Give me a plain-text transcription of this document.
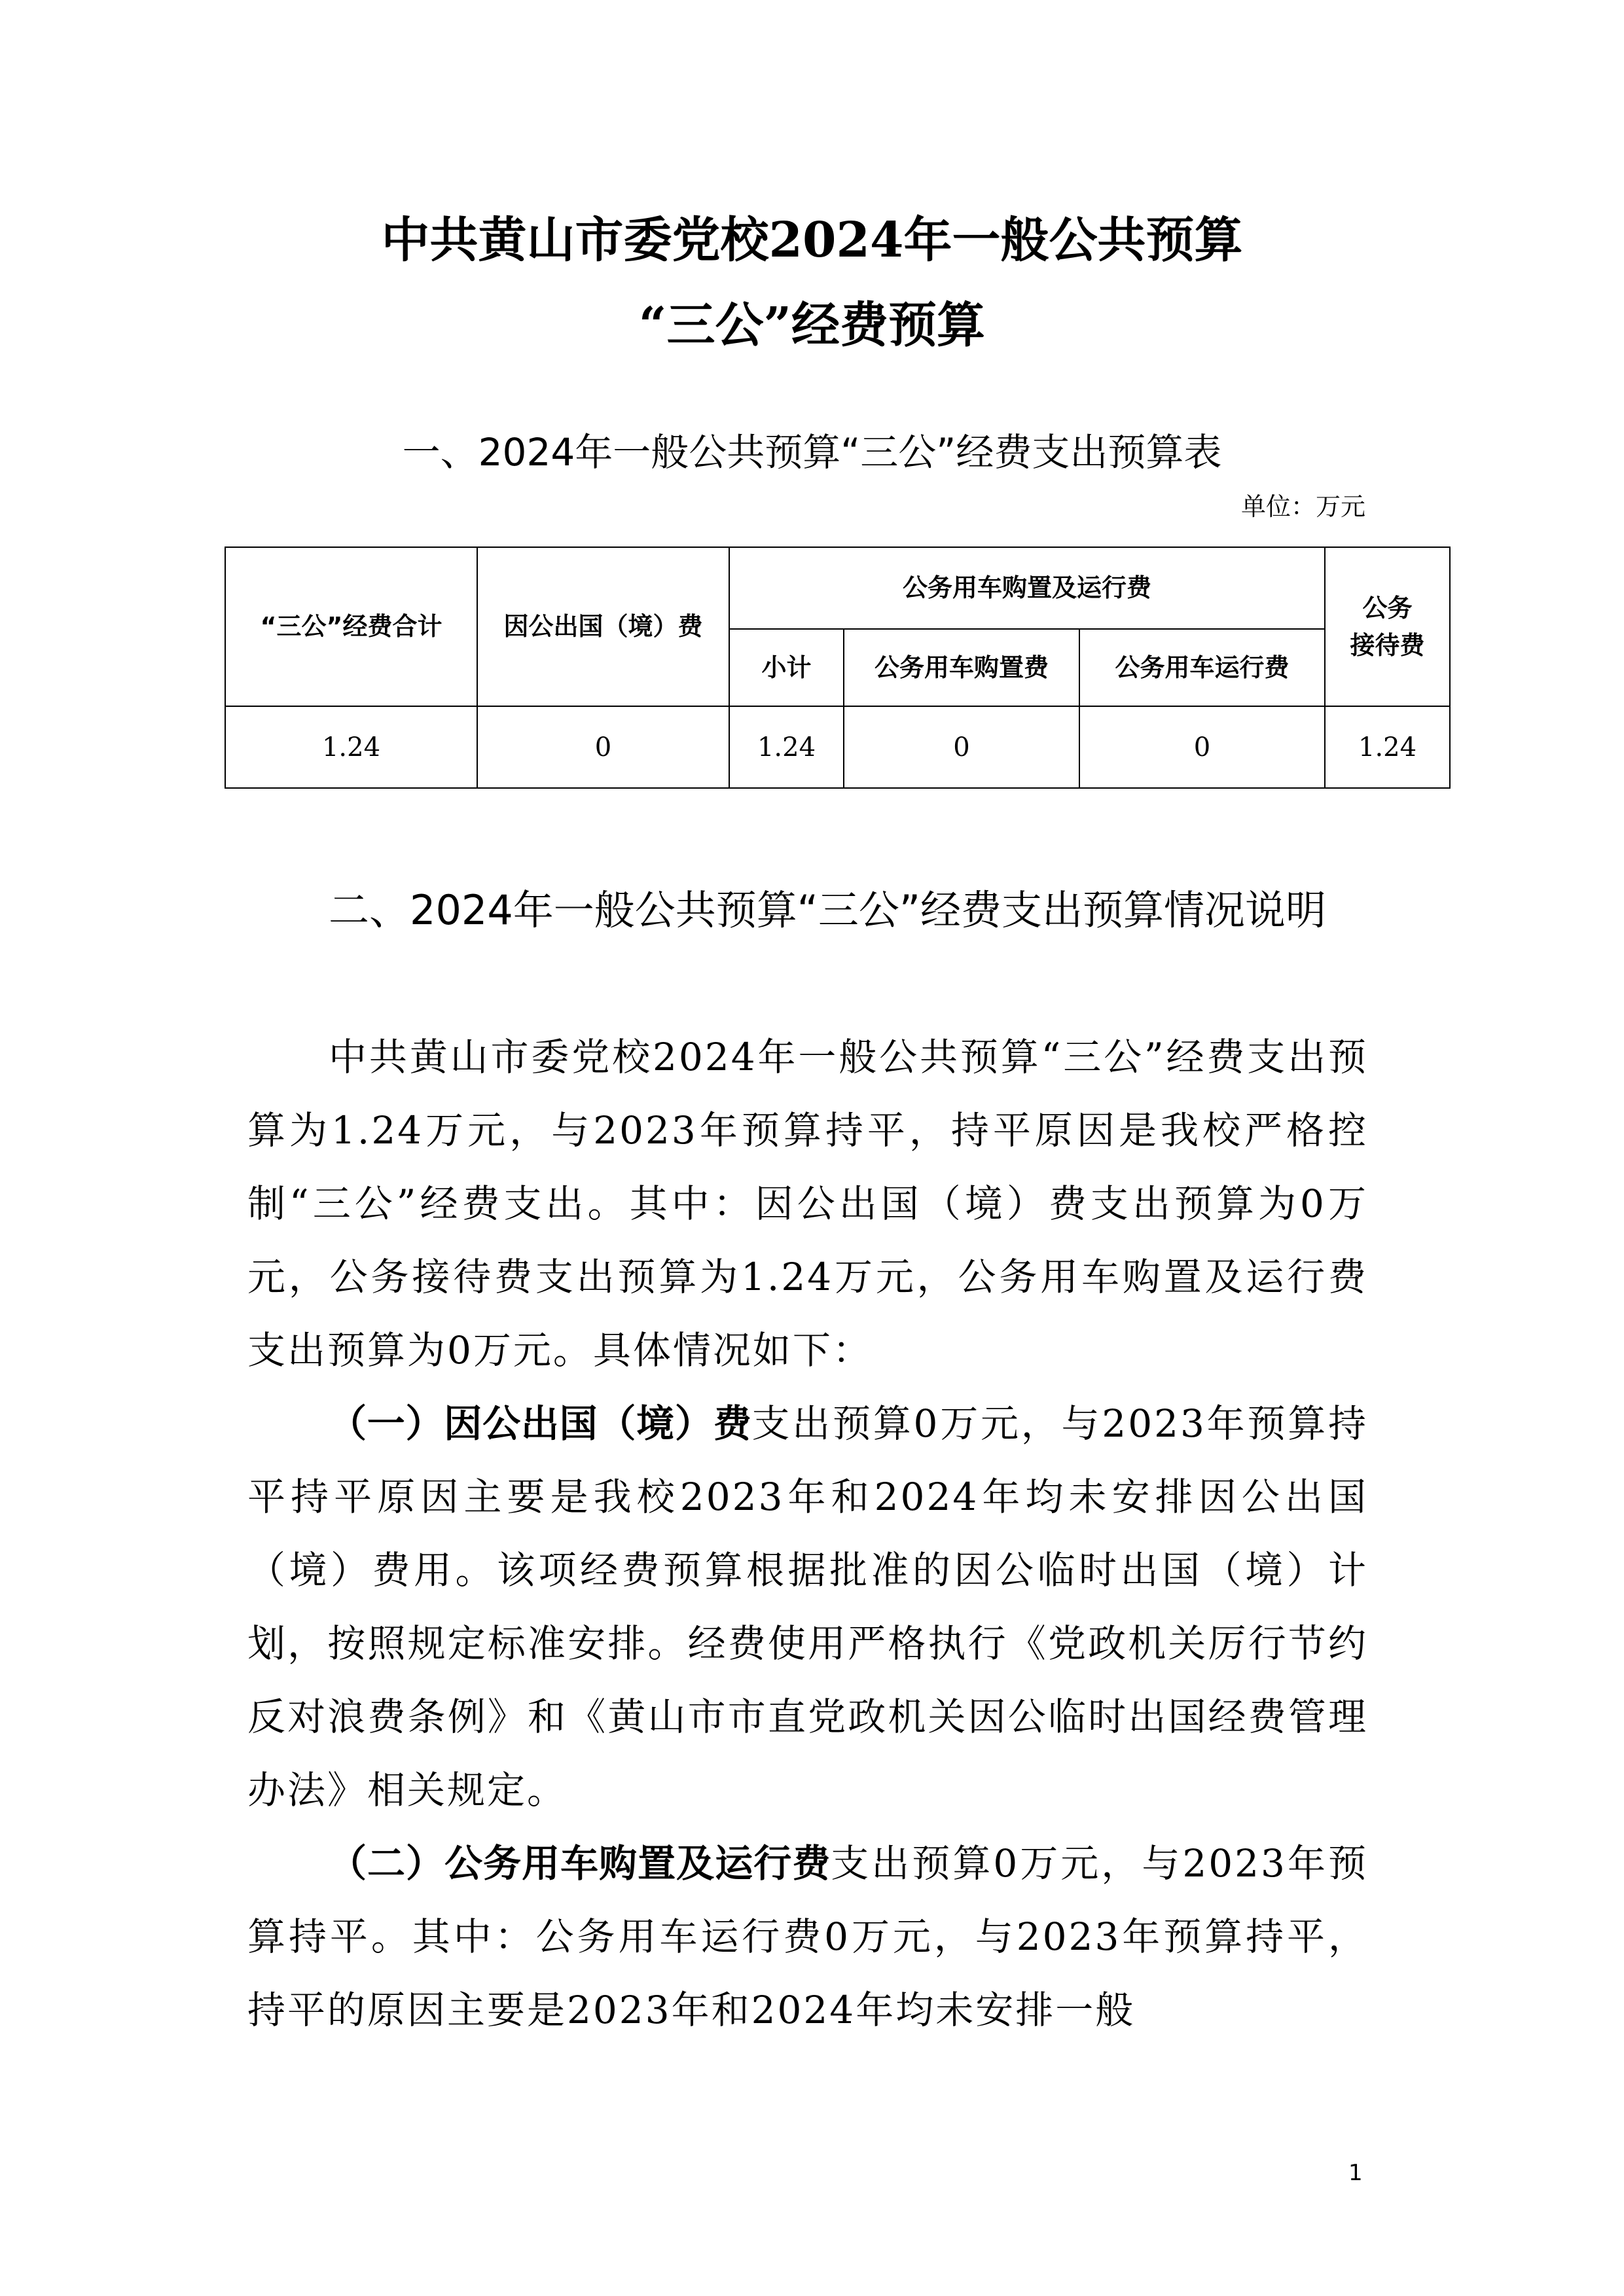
中共黄山市委党校2024年一般公共预算
“三公”经费预算
一、2024年一般公共预算“三公”经费支出预算表
单位：万元
“三公”经费合计	因公出国（境）费	公务用车购置及运行费			公务
接待费
		小计	公务用车购置费	公务用车运行费	
1.24	0	1.24	0	0	1.24
二、2024年一般公共预算“三公”经费支出预算情况说明
中共黄山市委党校2024年一般公共预算“三公”经费支出预算为1.24万元，与2023年预算持平，持平原因是我校严格控制“三公”经费支出。其中：因公出国（境）费支出预算为0万元，公务接待费支出预算为1.24万元，公务用车购置及运行费支出预算为0万元。具体情况如下：
（一）因公出国（境）费支出预算0万元，与2023年预算持平持平原因主要是我校2023年和2024年均未安排因公出国（境）费用。该项经费预算根据批准的因公临时出国（境）计划，按照规定标准安排。经费使用严格执行《党政机关厉行节约反对浪费条例》和《黄山市市直党政机关因公临时出国经费管理办法》相关规定。
（二）公务用车购置及运行费支出预算0万元，与2023年预算持平。其中：公务用车运行费0万元，与2023年预算持平，持平的原因主要是2023年和2024年均未安排一般
1
